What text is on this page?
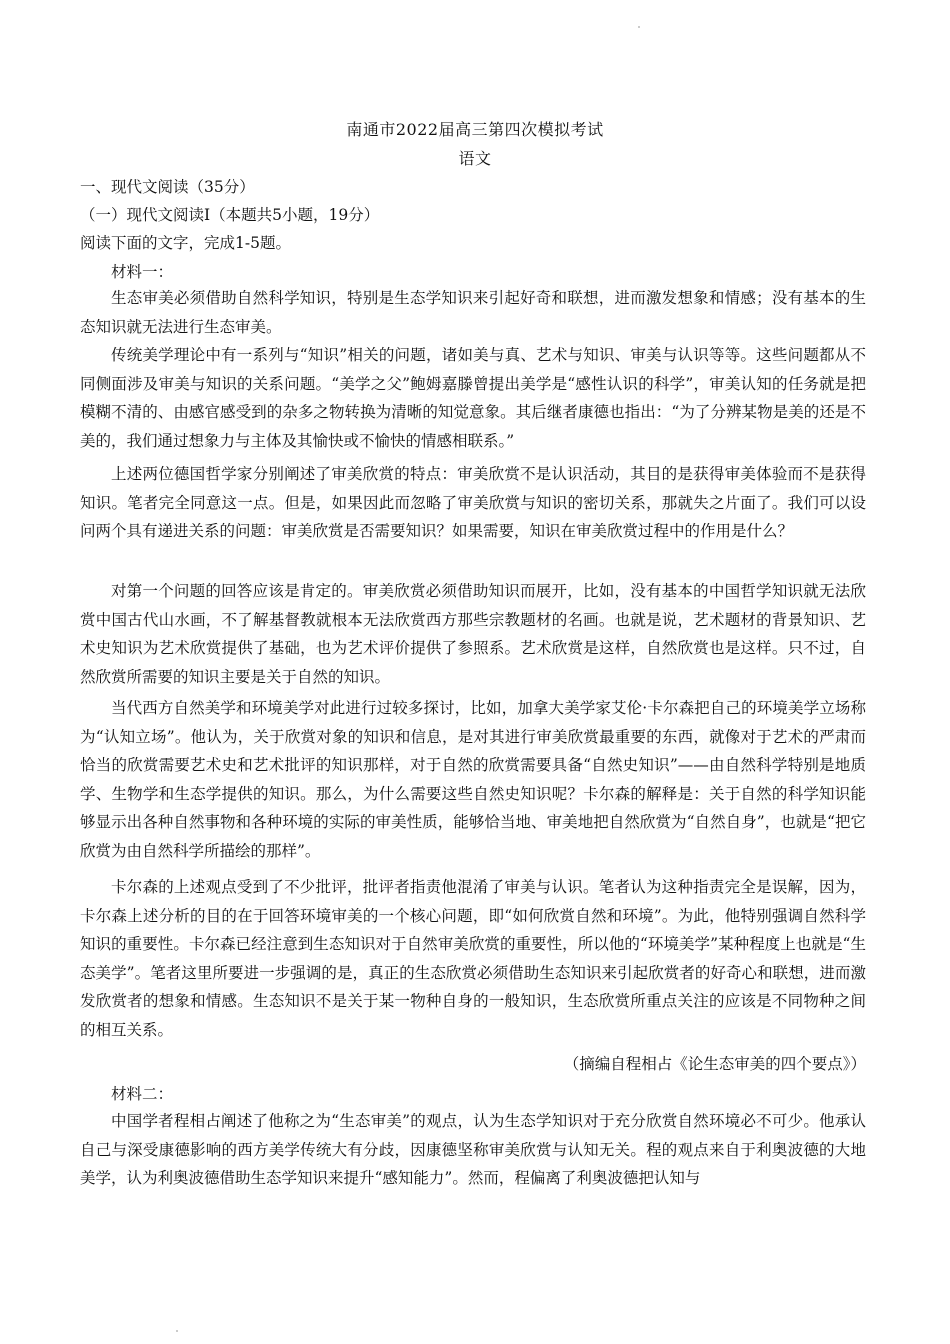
南通市2022届高三第四次模拟考试
语文
一、现代文阅读（35分）
（一）现代文阅读Ⅰ（本题共5小题，19分）
阅读下面的文字，完成1-5题。
材料一：
生态审美必须借助自然科学知识，特别是生态学知识来引起好奇和联想，进而激发想象和情感；没有基本的生态知识就无法进行生态审美。
传统美学理论中有一系列与“知识”相关的问题，诸如美与真、艺术与知识、审美与认识等等。这些问题都从不同侧面涉及审美与知识的关系问题。“美学之父”鲍姆嘉滕曾提出美学是“感性认识的科学”，审美认知的任务就是把模糊不清的、由感官感受到的杂多之物转换为清晰的知觉意象。其后继者康德也指出：“为了分辨某物是美的还是不美的，我们通过想象力与主体及其愉快或不愉快的情感相联系。”
上述两位德国哲学家分别阐述了审美欣赏的特点：审美欣赏不是认识活动，其目的是获得审美体验而不是获得知识。笔者完全同意这一点。但是，如果因此而忽略了审美欣赏与知识的密切关系，那就失之片面了。我们可以设问两个具有递进关系的问题：审美欣赏是否需要知识？如果需要，知识在审美欣赏过程中的作用是什么？
对第一个问题的回答应该是肯定的。审美欣赏必须借助知识而展开，比如，没有基本的中国哲学知识就无法欣赏中国古代山水画，不了解基督教就根本无法欣赏西方那些宗教题材的名画。也就是说，艺术题材的背景知识、艺术史知识为艺术欣赏提供了基础，也为艺术评价提供了参照系。艺术欣赏是这样，自然欣赏也是这样。只不过，自然欣赏所需要的知识主要是关于自然的知识。
当代西方自然美学和环境美学对此进行过较多探讨，比如，加拿大美学家艾伦·卡尔森把自己的环境美学立场称为“认知立场”。他认为，关于欣赏对象的知识和信息，是对其进行审美欣赏最重要的东西，就像对于艺术的严肃而恰当的欣赏需要艺术史和艺术批评的知识那样，对于自然的欣赏需要具备“自然史知识”——由自然科学特别是地质学、生物学和生态学提供的知识。那么，为什么需要这些自然史知识呢？卡尔森的解释是：关于自然的科学知识能够显示出各种自然事物和各种环境的实际的审美性质，能够恰当地、审美地把自然欣赏为“自然自身”，也就是“把它欣赏为由自然科学所描绘的那样”。
卡尔森的上述观点受到了不少批评，批评者指责他混淆了审美与认识。笔者认为这种指责完全是误解，因为，卡尔森上述分析的目的在于回答环境审美的一个核心问题，即“如何欣赏自然和环境”。为此，他特别强调自然科学知识的重要性。卡尔森已经注意到生态知识对于自然审美欣赏的重要性，所以他的“环境美学”某种程度上也就是“生态美学”。笔者这里所要进一步强调的是，真正的生态欣赏必须借助生态知识来引起欣赏者的好奇心和联想，进而激发欣赏者的想象和情感。生态知识不是关于某一物种自身的一般知识，生态欣赏所重点关注的应该是不同物种之间的相互关系。
（摘编自程相占《论生态审美的四个要点》）
材料二：
中国学者程相占阐述了他称之为“生态审美”的观点，认为生态学知识对于充分欣赏自然环境必不可少。他承认自己与深受康德影响的西方美学传统大有分歧，因康德坚称审美欣赏与认知无关。程的观点来自于利奥波德的大地美学，认为利奥波德借助生态学知识来提升“感知能力”。然而，程偏离了利奥波德把认知与
